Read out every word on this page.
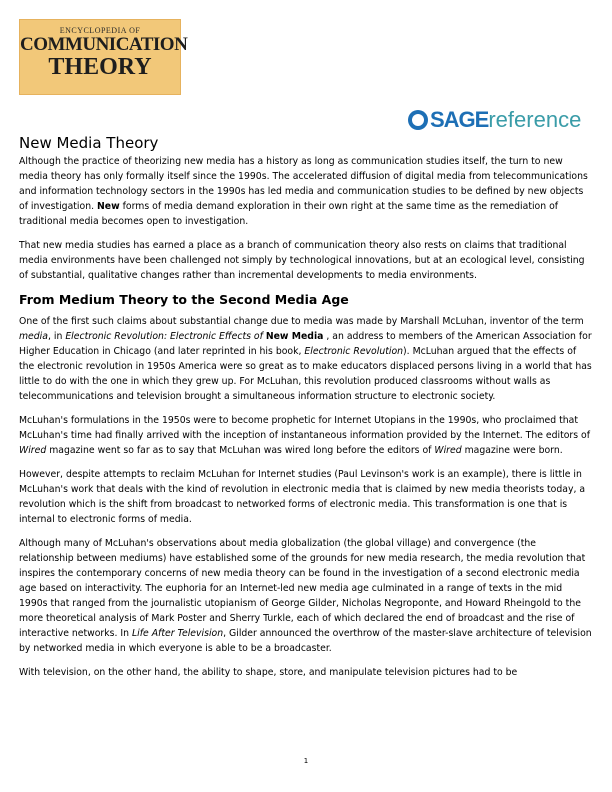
ENCYCLOPEDIA OF
COMMUNICATION
THEORY
SAGEreference
New Media Theory

Although the practice of theorizing new media has a history as long as communication studies itself, the turn to new media theory has only formally itself since the 1990s. The accelerated diffusion of digital media from telecommunications and information technology sectors in the 1990s has led media and communication studies to be defined by new objects of investigation. New forms of media demand exploration in their own right at the same time as the remediation of traditional media becomes open to investigation.

That new media studies has earned a place as a branch of communication theory also rests on claims that traditional media environments have been challenged not simply by technological innovations, but at an ecological level, consisting of substantial, qualitative changes rather than incremental developments to media environments.

From Medium Theory to the Second Media Age

One of the first such claims about substantial change due to media was made by Marshall McLuhan, inventor of the term media, in Electronic Revolution: Electronic Effects of New Media , an address to members of the American Association for Higher Education in Chicago (and later reprinted in his book, Electronic Revolution). McLuhan argued that the effects of the electronic revolution in 1950s America were so great as to make educators displaced persons living in a world that has little to do with the one in which they grew up. For McLuhan, this revolution produced classrooms without walls as telecommunications and television brought a simultaneous information structure to electronic society.

McLuhan's formulations in the 1950s were to become prophetic for Internet Utopians in the 1990s, who proclaimed that McLuhan's time had finally arrived with the inception of instantaneous information provided by the Internet. The editors of Wired magazine went so far as to say that McLuhan was wired long before the editors of Wired magazine were born.

However, despite attempts to reclaim McLuhan for Internet studies (Paul Levinson's work is an example), there is little in McLuhan's work that deals with the kind of revolution in electronic media that is claimed by new media theorists today, a revolution which is the shift from broadcast to networked forms of electronic media. This transformation is one that is internal to electronic forms of media.

Although many of McLuhan's observations about media globalization (the global village) and convergence (the relationship between mediums) have established some of the grounds for new media research, the media revolution that inspires the contemporary concerns of new media theory can be found in the investigation of a second electronic media age based on interactivity. The euphoria for an Internet-led new media age culminated in a range of texts in the mid 1990s that ranged from the journalistic utopianism of George Gilder, Nicholas Negroponte, and Howard Rheingold to the more theoretical analysis of Mark Poster and Sherry Turkle, each of which declared the end of broadcast and the rise of interactive networks. In Life After Television, Gilder announced the overthrow of the master-slave architecture of television by networked media in which everyone is able to be a broadcaster.

With television, on the other hand, the ability to shape, store, and manipulate television pictures had to be

1
